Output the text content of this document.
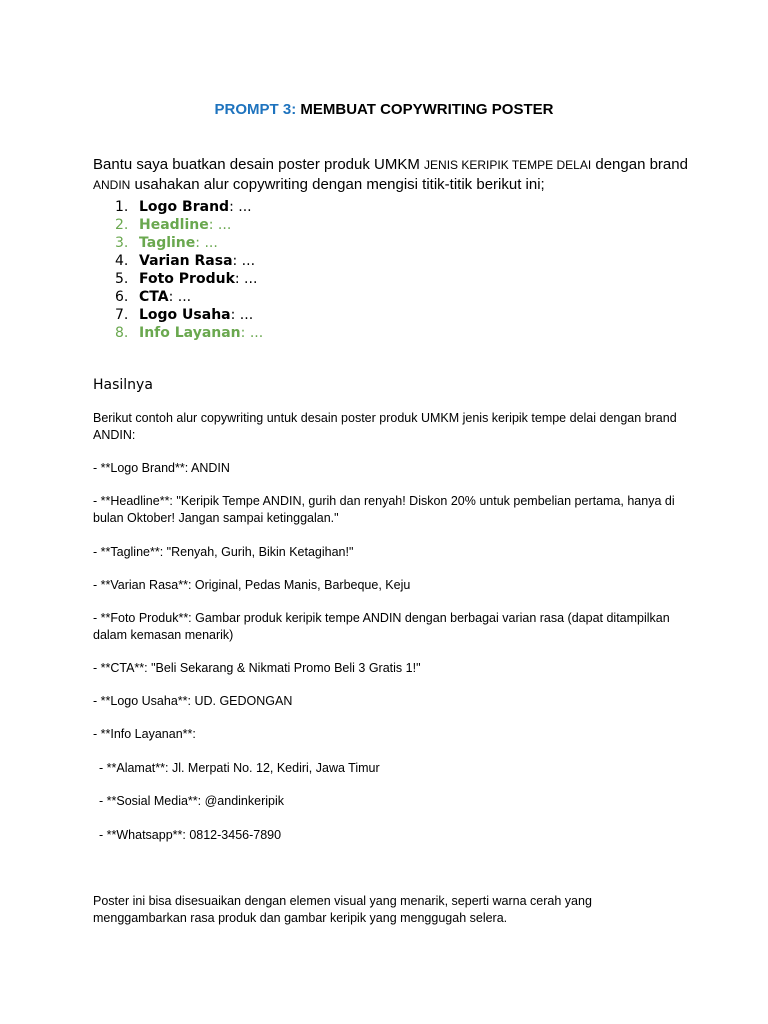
PROMPT 3: MEMBUAT COPYWRITING POSTER
Bantu saya buatkan desain poster produk UMKM JENIS KERIPIK TEMPE DELAI dengan brand ANDIN usahakan alur copywriting dengan mengisi titik-titik berikut ini;
1. Logo Brand: ...
2. Headline: ...
3. Tagline: ...
4. Varian Rasa: ...
5. Foto Produk: ...
6. CTA: ...
7. Logo Usaha: ...
8. Info Layanan: ...
Hasilnya
Berikut contoh alur copywriting untuk desain poster produk UMKM jenis keripik tempe delai dengan brand ANDIN:
- **Logo Brand**: ANDIN
- **Headline**: "Keripik Tempe ANDIN, gurih dan renyah! Diskon 20% untuk pembelian pertama, hanya di bulan Oktober! Jangan sampai ketinggalan."
- **Tagline**: "Renyah, Gurih, Bikin Ketagihan!"
- **Varian Rasa**: Original, Pedas Manis, Barbeque, Keju
- **Foto Produk**: Gambar produk keripik tempe ANDIN dengan berbagai varian rasa (dapat ditampilkan dalam kemasan menarik)
- **CTA**: "Beli Sekarang & Nikmati Promo Beli 3 Gratis 1!"
- **Logo Usaha**: UD. GEDONGAN
- **Info Layanan**:
- **Alamat**: Jl. Merpati No. 12, Kediri, Jawa Timur
- **Sosial Media**: @andinkeripik
- **Whatsapp**: 0812-3456-7890
Poster ini bisa disesuaikan dengan elemen visual yang menarik, seperti warna cerah yang menggambarkan rasa produk dan gambar keripik yang menggugah selera.
